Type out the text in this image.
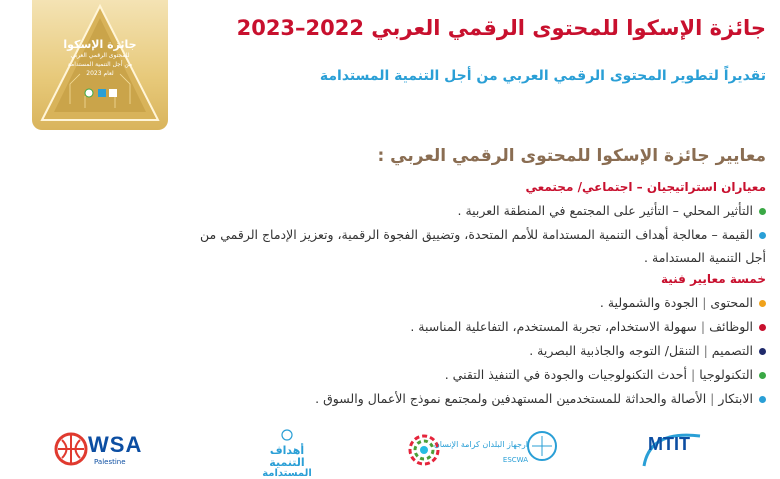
جائزة الإسكوا
للمحتوى الرقمي العربي
من أجل التنمية المستدامة
لعام 2023
جائزة الإسكوا للمحتوى الرقمي العربي 2022–2023
تقديراً لتطوير المحتوى الرقمي العربي من أجل التنمية المستدامة
معايير جائزة الإسكوا للمحتوى الرقمي العربي :
معياران استراتيجيان – اجتماعي/ مجتمعي
التأثير المحلي – التأثير على المجتمع في المنطقة العربية .
القيمة – معالجة أهداف التنمية المستدامة للأمم المتحدة، وتضييق الفجوة الرقمية، وتعزيز الإدماج الرقمي من
أجل التنمية المستدامة .
خمسة معايير فنية
المحتوى|الجودة والشمولية .
الوظائف|سهولة الاستخدام، تجربة المستخدم، التفاعلية المناسبة .
التصميم|التنقل/ التوجه والجاذبية البصرية .
التكنولوجيا|أحدث التكنولوجيات والجودة في التنفيذ التقني .
الابتكار|الأصالة والحداثة للمستخدمين المستهدفين ولمجتمع نموذج الأعمال والسوق .
WSA
Palestine
أهداف
التنمية
المستدامة
ارجهاز البلدان كرامة الإنسان
ESCWA
MTIT
